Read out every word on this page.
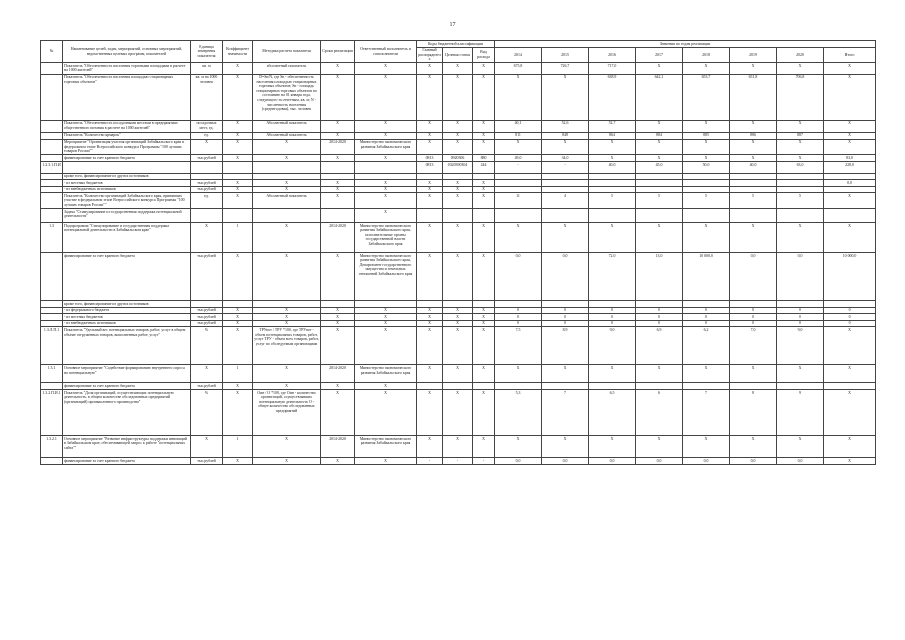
17
№	Наименование целей, задач, мероприятий, основных мероприятий, ведомственных целевых программ, показателей	Единица измерения показателя	Коэффициент значимости	Методика расчета показателя	Сроки реализации	Ответственный исполнитель и соисполнители	Коды бюджетной классификации			Значения по годам реализации							
							Главный распорядитель	Целевая статья	Вид расхода	2014	2015	2016	2017	2018	2019	2020	Итого
	Показатель "Обеспеченность населения торговыми площадями в расчете на 1000 жителей"	кв. м	X	абсолютный показатель	X	X	X	X	X	675,8	726,7	717,0	X	X	X	X	X
	Показатель "Обеспеченность населения площадью стационарных торговых объектов"	кв. м на 1000 человек	X	D=Sn/N, где Sn - обеспеченность населения площадью стационарных торговых объектов; Sn - площадь стационарных торговых объектов по состоянию на 01 января года, следующего за отчетным, кв. м; N - численность населения (среднегодовая), тыс. человек	X	X	X	X	X	X	X	638,9	642,1	653,7	651,8	706,8	X
	Показатель "Обеспеченность посадочными местами в предприятиях общественного питания в расчете на 1000 жителей"	посадочных мест, ед.	X	Абсолютный показатель	X	X	X	X	X	40,1	52,6	52,7	X	X	X	X	X
	Показатель "Количество ярмарок"	ед.	X	Абсолютный показатель	X	X	X	X	X	811	848	864	884	885	886	887	X
	Мероприятие "Организация участия организаций Забайкальского края в федеральном этапе Всероссийского конкурса Программы "100 лучших товаров России""	X	X	X	2014-2020	Министерство экономического развития Забайкальского края	X	X	X	X	X	X	X	X	X	X	X
	финансирование за счет краевого бюджета	тыс.рублей	X	X	X	X	0813	0920306	880	49,0	34,0	X	X	X	X	X	83,0
1.2.3.1.П.И.							0813	0320390304	244	-	-	40,0	45,0	50,0	40,0	63,0	228,0
	кроме того, финансирование из других источников:																
	- из местных бюджетов	тыс.рублей	X	X	X	X	X	X	X								0,0
	- из внебюджетных источников	тыс.рублей	X	X	X	X	X	X	X								
	Показатель "Количество организаций Забайкальского края, принявших участие в федеральном этапе Всероссийского конкурса Программы "100 лучших товаров России""	ед.	X	Абсолютный показатель	X	X	X	X	X	11	4	5	5	5	5	5	X
	Задача "Стимулирование и государственная поддержка потенциальной деятельности"					X											
1.3	Подпрограмма "Стимулирование и государственная поддержка потенциальной деятельности в Забайкальском крае"	X	1	X	2014-2020	Министерство экономического развития Забайкальского края, исполнительные органы государственной власти Забайкальского края	X	X	X	X	X	X	X	X	X	X	X
	финансирование за счет краевого бюджета	тыс.рублей	X	X	X	Министерство экономического развития Забайкальского края, Департамент государственного имущества и земельных отношений Забайкальского края	X	X	X	0,0	0,0	72,0	13,0	10 000,0	0,0	0,0	10 000,0
	кроме того, финансирование из других источников:																
	- из федерального бюджета	тыс.рублей	X	X	X	X	X	X	X	0	0	0	0	0	0	0	0
	- из местных бюджетов	тыс.рублей	X	X	X	X	X	X	X	0	0	0	0	0	0	0	0
	- из внебюджетных источников	тыс.рублей	X	X	X	X	X	X	X	0	0	0	0	0	0	0	0
1.3.Л.П.1	Показатель "Удельный вес потенциальных товаров, работ, услуг в общем объеме отгруженных товаров, выполненных работ, услуг"	%	X	ТРУпот / ТРУ *100, где ТРУпот - объем потенциальных товаров, работ, услуг ТРУ - объем всех товаров, работ, услуг по обследуемым организациям	X	X	X	X	X	7,5	8,9	9,0	6,9	6,2	7,0	9,0	X
1.3.1	Основное мероприятие "Содействие формированию внутреннего спроса на потенциальную"	X	1	X	2014-2020	Министерство экономического развития Забайкальского края	X	X	X	X	X	X	X	X	X	X	X
	финансирование за счет краевого бюджета	тыс.рублей	X	X	X	X											
1.3.2.П.И.1	Показатель "Доля организаций, осуществляющих потенциальную деятельность, в общем количестве обследованных предприятий (организаций) промышленного производства"	%	X	Оин / О *100, где Оин - количество организаций, осуществлявших потенциальную деятельность О - общее количество обследованных предприятий	X	X	X	X	X	5,3	7	6,5	6	7	8	9	X
1.3.2.1	Основное мероприятие "Развитие инфраструктуры поддержки инноваций в Забайкальском крае, обеспечивающей запрос к работе "потенциальных сайта""	X	1	X	2014-2020	Министерство экономического развития Забайкальского края	X	X	X	X	X	X	X	X	X	X	X
	финансирование за счет краевого бюджета	тыс.рублей	X	X	X	X	-	-	-	0,0	0,0	0,0	0,0	0,0	0,0	0,0	X
